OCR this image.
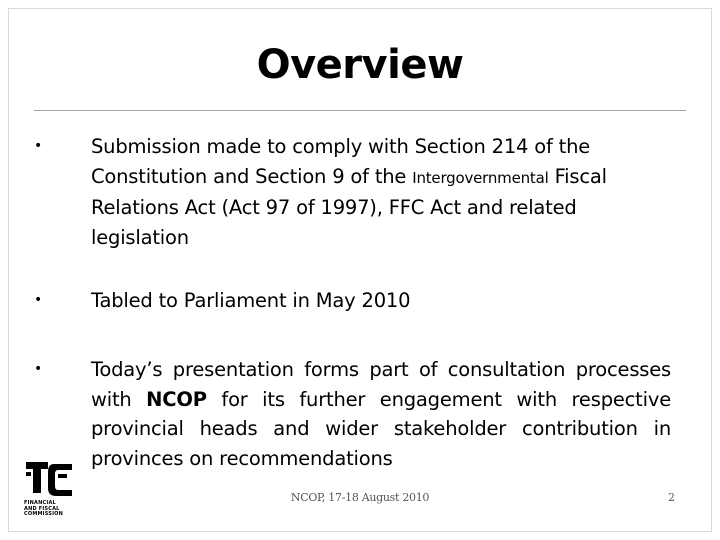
Overview
• Submission made to comply with Section 214 of the Constitution and Section 9 of the Intergovernmental Fiscal Relations Act (Act 97 of 1997), FFC Act and related legislation
• Tabled to Parliament in May 2010
• Today’s presentation forms part of consultation processes with NCOP for its further engagement with respective provincial heads and wider stakeholder contribution in provinces on recommendations
FINANCIAL
AND FISCAL
COMMISSION
NCOP, 17-18 August 2010	2
